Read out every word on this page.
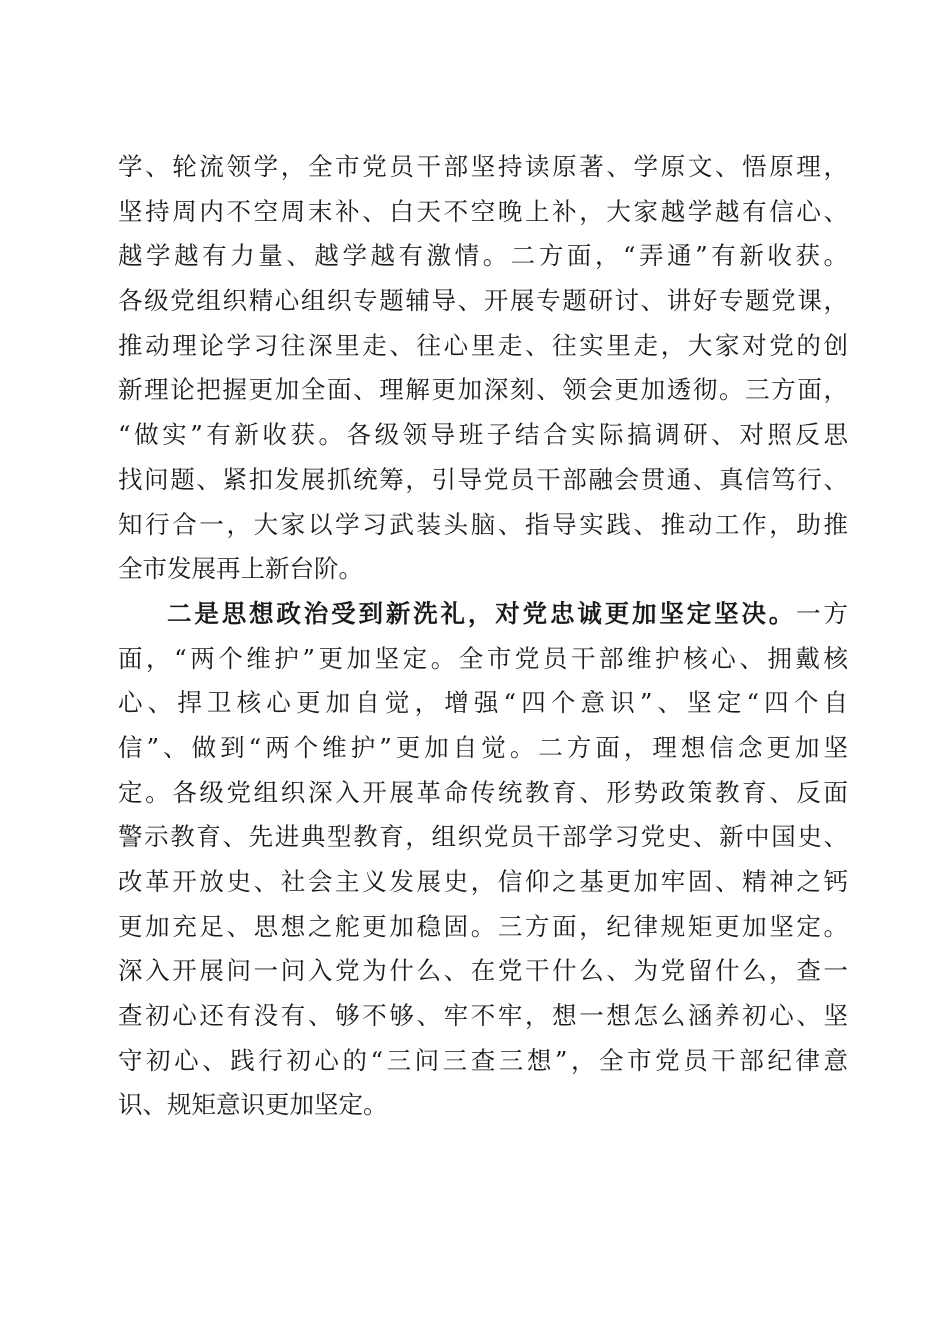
学、轮流领学，全市党员干部坚持读原著、学原文、悟原理，
坚持周内不空周末补、白天不空晚上补，大家越学越有信心、
越学越有力量、越学越有激情。二方面，“弄通”有新收获。
各级党组织精心组织专题辅导、开展专题研讨、讲好专题党课，
推动理论学习往深里走、往心里走、往实里走，大家对党的创
新理论把握更加全面、理解更加深刻、领会更加透彻。三方面，
“做实”有新收获。各级领导班子结合实际搞调研、对照反思
找问题、紧扣发展抓统筹，引导党员干部融会贯通、真信笃行、
知行合一，大家以学习武装头脑、指导实践、推动工作，助推
全市发展再上新台阶。
二是思想政治受到新洗礼，对党忠诚更加坚定坚决。一方
面，“两个维护”更加坚定。全市党员干部维护核心、拥戴核
心、捍卫核心更加自觉，增强“四个意识”、坚定“四个自
信”、做到“两个维护”更加自觉。二方面，理想信念更加坚
定。各级党组织深入开展革命传统教育、形势政策教育、反面
警示教育、先进典型教育，组织党员干部学习党史、新中国史、
改革开放史、社会主义发展史，信仰之基更加牢固、精神之钙
更加充足、思想之舵更加稳固。三方面，纪律规矩更加坚定。
深入开展问一问入党为什么、在党干什么、为党留什么，查一
查初心还有没有、够不够、牢不牢，想一想怎么涵养初心、坚
守初心、践行初心的“三问三查三想”，全市党员干部纪律意
识、规矩意识更加坚定。
